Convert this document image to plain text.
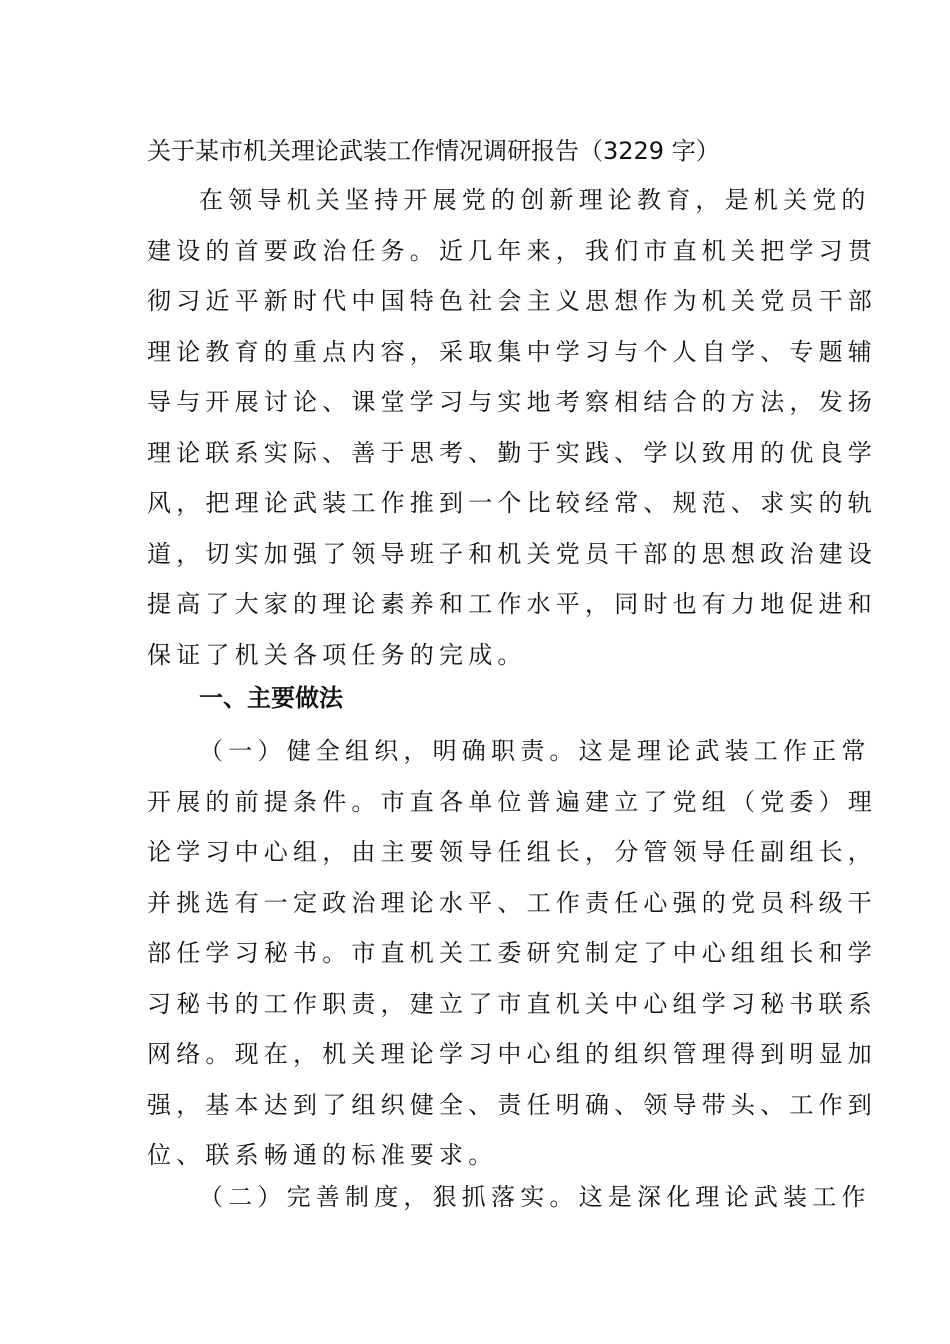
关于某市机关理论武装工作情况调研报告（3229 字）
在领导机关坚持开展党的创新理论教育，是机关党的
建设的首要政治任务。近几年来，我们市直机关把学习贯
彻习近平新时代中国特色社会主义思想作为机关党员干部
理论教育的重点内容，采取集中学习与个人自学、专题辅
导与开展讨论、课堂学习与实地考察相结合的方法，发扬
理论联系实际、善于思考、勤于实践、学以致用的优良学
风，把理论武装工作推到一个比较经常、规范、求实的轨
道，切实加强了领导班子和机关党员干部的思想政治建设
提高了大家的理论素养和工作水平，同时也有力地促进和
保证了机关各项任务的完成。
一、主要做法
（一）健全组织，明确职责。这是理论武装工作正常
开展的前提条件。市直各单位普遍建立了党组（党委）理
论学习中心组，由主要领导任组长，分管领导任副组长，
并挑选有一定政治理论水平、工作责任心强的党员科级干
部任学习秘书。市直机关工委研究制定了中心组组长和学
习秘书的工作职责，建立了市直机关中心组学习秘书联系
网络。现在，机关理论学习中心组的组织管理得到明显加
强，基本达到了组织健全、责任明确、领导带头、工作到
位、联系畅通的标准要求。
（二）完善制度，狠抓落实。这是深化理论武装工作
